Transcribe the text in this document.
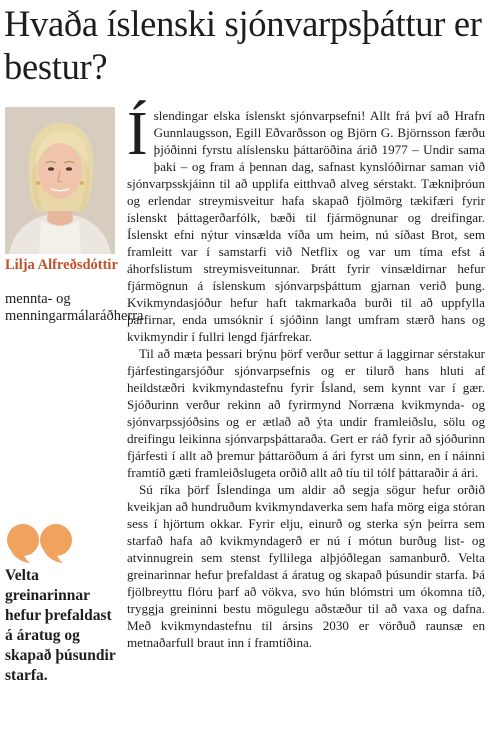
Hvaða íslenski sjónvarpsþáttur er bestur?
Lilja Alfreðsdóttir
mennta- og menningarmálaráðherra
Velta greinarinnar hefur þrefaldast á áratug og skapað þúsundir starfa.

Íslendingar elska íslenskt sjónvarpsefni! Allt frá því að Hrafn Gunnlaugsson, Egill Eðvarðsson og Björn G. Björnsson færðu þjóðinni fyrstu alíslensku þáttaröðina árið 1977 – Undir sama þaki – og fram á þennan dag, safnast kynslóðirnar saman við sjónvarpsskjáinn til að upplifa eitthvað alveg sérstakt. Tækniþróun og erlendar streymisveitur hafa skapað fjölmörg tækifæri fyrir íslenskt þáttagerðarfólk, bæði til fjármögnunar og dreifingar. Íslenskt efni nýtur vinsælda víða um heim, nú síðast Brot, sem framleitt var í samstarfi við Netflix og var um tíma efst á áhorfslistum streymisveitunnar. Þrátt fyrir vinsældirnar hefur fjármögnun á íslenskum sjónvarpsþáttum gjarnan verið þung. Kvikmyndasjóður hefur haft takmarkaða burði til að uppfylla þarfirnar, enda umsóknir í sjóðinn langt umfram stærð hans og kvikmyndir í fullri lengd fjárfrekar.

Til að mæta þessari brýnu þörf verður settur á laggirnar sérstakur fjárfestingarsjóður sjónvarpsefnis og er tilurð hans hluti af heildstæðri kvikmyndastefnu fyrir Ísland, sem kynnt var í gær. Sjóðurinn verður rekinn að fyrirmynd Norræna kvikmynda- og sjónvarpssjóðsins og er ætlað að ýta undir framleiðslu, sölu og dreifingu leikinna sjónvarpsþáttaraða. Gert er ráð fyrir að sjóðurinn fjárfesti í allt að þremur þáttaröðum á ári fyrst um sinn, en í náinni framtíð gæti framleiðslugeta orðið allt að tíu til tólf þáttaraðir á ári.

Sú ríka þörf Íslendinga um aldir að segja sögur hefur orðið kveikjan að hundruðum kvikmyndaverka sem hafa mörg eiga stóran sess í hjörtum okkar. Fyrir elju, einurð og sterka sýn þeirra sem starfað hafa að kvikmyndagerð er nú í mótun burðug list- og atvinnugrein sem stenst fyllilega alþjóðlegan samanburð. Velta greinarinnar hefur þrefaldast á áratug og skapað þúsundir starfa. Þá fjölbreyttu flóru þarf að vökva, svo hún blómstri um ókomna tíð, tryggja greininni bestu mögulegu aðstæður til að vaxa og dafna. Með kvikmyndastefnu til ársins 2030 er vörðuð raunsæ en metnaðarfull braut inn í framtíðina.
